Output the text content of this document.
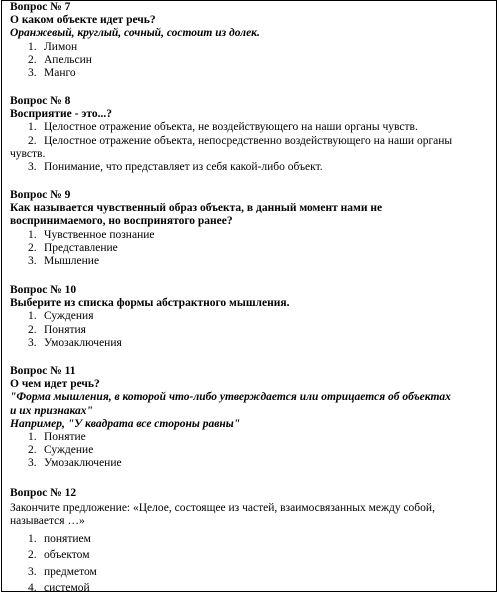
Вопрос № 7
О каком объекте идет речь?
Оранжевый, круглый, сочный, состоит из долек.
1. Лимон
2. Апельсин
3. Манго
Вопрос № 8
Восприятие - это...?
1. Целостное отражение объекта, не воздействующего на наши органы чувств.
2. Целостное отражение объекта, непосредственно воздействующего на наши органы
чувств.
3. Понимание, что представляет из себя какой-либо объект.
Вопрос № 9
Как называется чувственный образ объекта, в данный момент нами не
воспринимаемого, но воспринятого ранее?
1. Чувственное познание
2. Представление
3. Мышление
Вопрос № 10
Выберите из списка формы абстрактного мышления.
1. Суждения
2. Понятия
3. Умозаключения
Вопрос № 11
О чем идет речь?
"Форма мышления, в которой что-либо утверждается или отрицается об объектах
и их признаках"
Например, "У квадрата все стороны равны"
1. Понятие
2. Суждение
3. Умозаключение
Вопрос № 12
Закончите предложение: «Целое, состоящее из частей, взаимосвязанных между собой,
называется …»
1. понятием
2. объектом
3. предметом
4. системой
